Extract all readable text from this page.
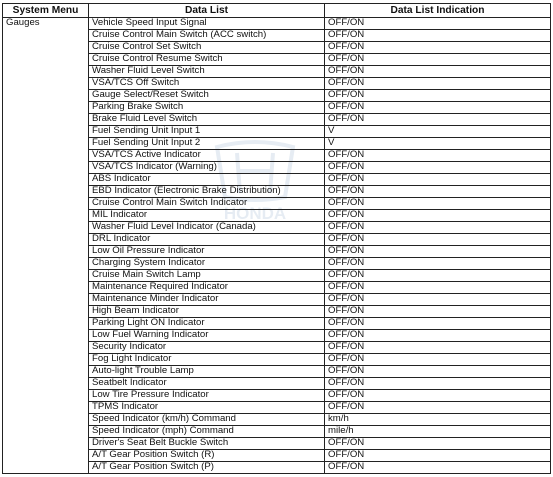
HONDA
System Menu	Data List	Data List Indication
Gauges	Vehicle Speed Input Signal	OFF/ON
	Cruise Control Main Switch (ACC switch)	OFF/ON
	Cruise Control Set Switch	OFF/ON
	Cruise Control Resume Switch	OFF/ON
	Washer Fluid Level Switch	OFF/ON
	VSA/TCS Off Switch	OFF/ON
	Gauge Select/Reset Switch	OFF/ON
	Parking Brake Switch	OFF/ON
	Brake Fluid Level Switch	OFF/ON
	Fuel Sending Unit Input 1	V
	Fuel Sending Unit Input 2	V
	VSA/TCS Active Indicator	OFF/ON
	VSA/TCS Indicator (Warning)	OFF/ON
	ABS Indicator	OFF/ON
	EBD Indicator (Electronic Brake Distribution)	OFF/ON
	Cruise Control Main Switch Indicator	OFF/ON
	MIL Indicator	OFF/ON
	Washer Fluid Level Indicator (Canada)	OFF/ON
	DRL Indicator	OFF/ON
	Low Oil Pressure Indicator	OFF/ON
	Charging System Indicator	OFF/ON
	Cruise Main Switch Lamp	OFF/ON
	Maintenance Required Indicator	OFF/ON
	Maintenance Minder Indicator	OFF/ON
	High Beam Indicator	OFF/ON
	Parking Light ON Indicator	OFF/ON
	Low Fuel Warning Indicator	OFF/ON
	Security Indicator	OFF/ON
	Fog Light Indicator	OFF/ON
	Auto-light Trouble Lamp	OFF/ON
	Seatbelt Indicator	OFF/ON
	Low Tire Pressure Indicator	OFF/ON
	TPMS Indicator	OFF/ON
	Speed Indicator (km/h) Command	km/h
	Speed Indicator (mph) Command	mile/h
	Driver's Seat Belt Buckle Switch	OFF/ON
	A/T Gear Position Switch (R)	OFF/ON
	A/T Gear Position Switch (P)	OFF/ON
